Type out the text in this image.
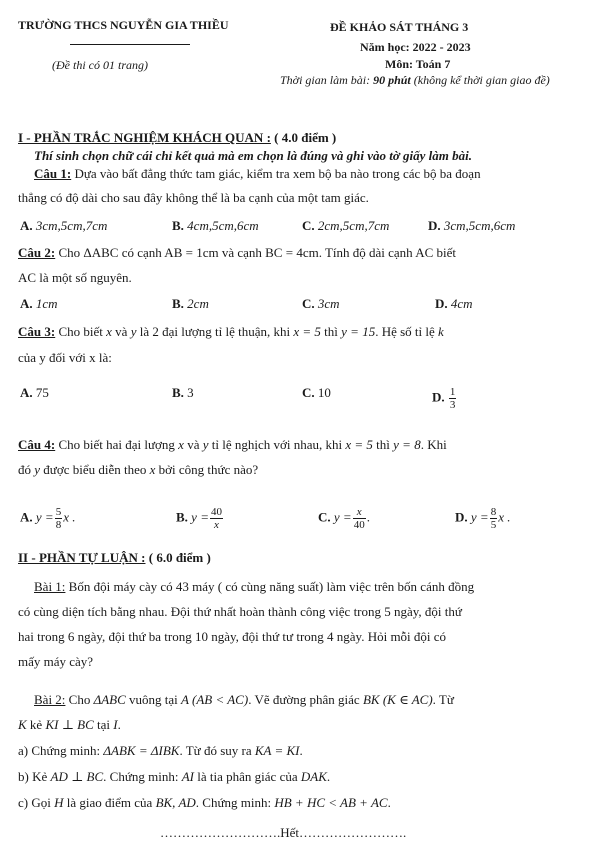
TRƯỜNG THCS NGUYỄN GIA THIỀU
(Đề thi có 01 trang)
ĐỀ KHẢO SÁT THÁNG 3
Năm học: 2022 - 2023
Môn: Toán 7
Thời gian làm bài: 90 phút (không kể thời gian giao đề)
I - PHẦN TRẮC NGHIỆM KHÁCH QUAN : ( 4.0 điểm )
Thí sinh chọn chữ cái chỉ kết quả mà em chọn là đúng và ghi vào tờ giấy làm bài.
Câu 1: Dựa vào bất đẳng thức tam giác, kiểm tra xem bộ ba nào trong các bộ ba đoạn
thẳng có độ dài cho sau đây không thể là ba cạnh của một tam giác.
A. 3cm,5cm,7cm	B. 4cm,5cm,6cm	C. 2cm,5cm,7cm	D. 3cm,5cm,6cm
Câu 2: Cho ΔABC có cạnh AB = 1cm và cạnh BC = 4cm. Tính độ dài cạnh AC biết
AC là một số nguyên.
A. 1cm	B. 2cm	C. 3cm	D. 4cm
Câu 3: Cho biết x và y là 2 đại lượng tỉ lệ thuận, khi x = 5 thì y = 15. Hệ số tỉ lệ k
của y đối với x là:
A. 75	B. 3	C. 10	D. $\frac{1}{3}$
Câu 4: Cho biết hai đại lượng x và y tỉ lệ nghịch với nhau, khi x = 5 thì y = 8. Khi
đó y được biểu diễn theo x bởi công thức nào?
A. $y = \frac{5}{8}$ x .	B. $y = \frac{40}{x}$	C. $y = \frac{x}{40}$ .	D. $y = \frac{8}{5}$ x .
II - PHẦN TỰ LUẬN : ( 6.0 điểm )
Bài 1: Bốn đội máy cày có 43 máy ( có cùng năng suất) làm việc trên bốn cánh đồng
có cùng diện tích bằng nhau. Đội thứ nhất hoàn thành công việc trong 5 ngày, đội thứ
hai trong 6 ngày, đội thứ ba trong 10 ngày, đội thứ tư trong 4 ngày. Hỏi mỗi đội có
mấy máy cày?
Bài 2: Cho ΔABC vuông tại A (AB < AC). Vẽ đường phân giác BK (K ∈ AC). Từ
K kẻ KI ⊥ BC tại I.
a) Chứng minh: ΔABK = ΔIBK. Từ đó suy ra KA = KI.
b) Kẻ AD ⊥ BC. Chứng minh: AI là tia phân giác của DAK.
c) Gọi H là giao điểm của BK, AD. Chứng minh: HB + HC < AB + AC.
……………………….Hết…………………….
